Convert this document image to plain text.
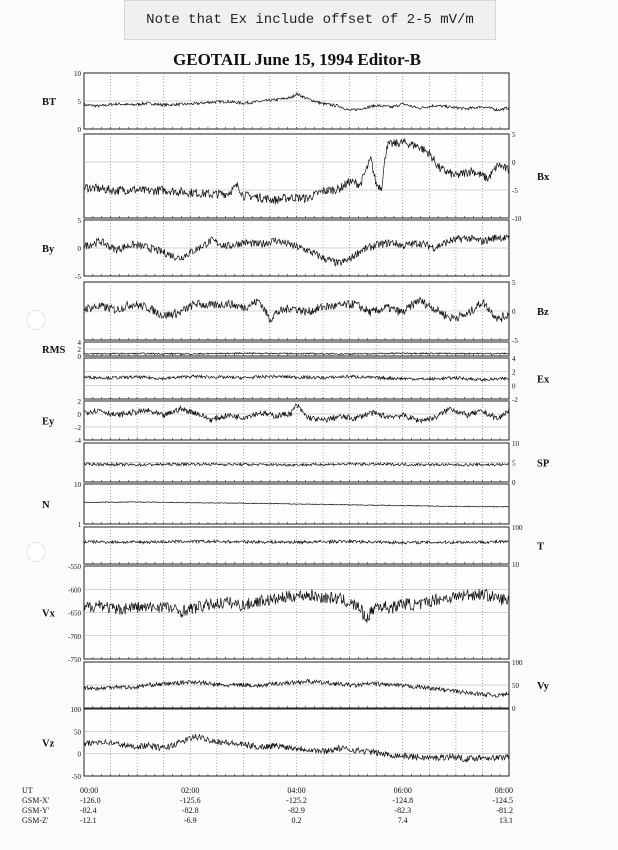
Note that Ex include offset of 2-5 mV/m
GEOTAIL June 15, 1994 Editor-B
10
5
0
BT
5
0
-5
-10
Bx
5
0
-5
By
5
0
-5
Bz
4
2
0
RMS
4
2
0
-2
Ex
2
0
-2
-4
Ey
10
5
0
SP
10
1
N
100
10
T
-550
-600
-650
-700
-750
Vx
100
50
0
Vy
100
50
0
-50
Vz
UT
GSM-X'
GSM-Y'
GSM-Z'
00:00
-126.0
-82.4
-12.1
02:00
-125.6
-82.8
-6.9
04:00
-125.2
-82.9
0.2
06:00
-124.8
-82.3
7.4
08:00
-124.5
-81.2
13.1
